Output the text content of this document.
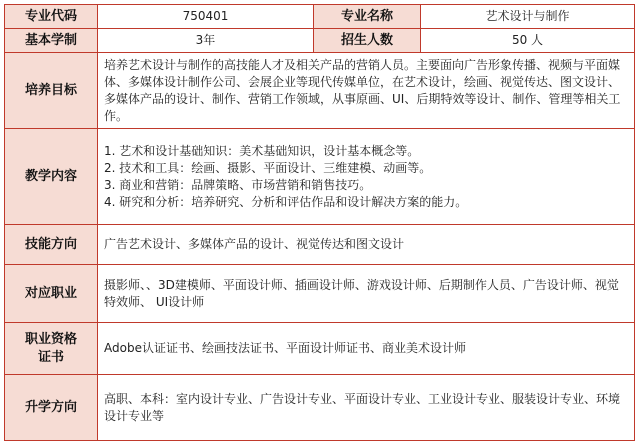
专业代码	750401	专业名称	艺术设计与制作
基本学制	3年	招生人数	50 人
培养目标	培养艺术设计与制作的高技能人才及相关产品的营销人员。主要面向广告形象传播、视频与平面媒体、多媒体设计制作公司、会展企业等现代传媒单位，在艺术设计，绘画、视觉传达、图文设计、多媒体产品的设计、制作、营销工作领域，从事原画、UI、后期特效等设计、制作、管理等相关工作。		
教学内容	1. 艺术和设计基础知识：美术基础知识，设计基本概念等。
2. 技术和工具：绘画、摄影、平面设计、三维建模、动画等。
3. 商业和营销：品牌策略、市场营销和销售技巧。
4. 研究和分析：培养研究、分析和评估作品和设计解决方案的能力。		

技能方向	广告艺术设计、多媒体产品的设计、视觉传达和图文设计		
对应职业	摄影师、、3D建模师、平面设计师、插画设计师、游戏设计师、后期制作人员、广告设计师、视觉特效师、 UI设计师		

职业资格
证书	Adobe认证证书、绘画技法证书、平面设计师证书、商业美术设计师		
升学方向	高职、本科：室内设计专业、广告设计专业、平面设计专业、工业设计专业、服装设计专业、环境设计专业等		
